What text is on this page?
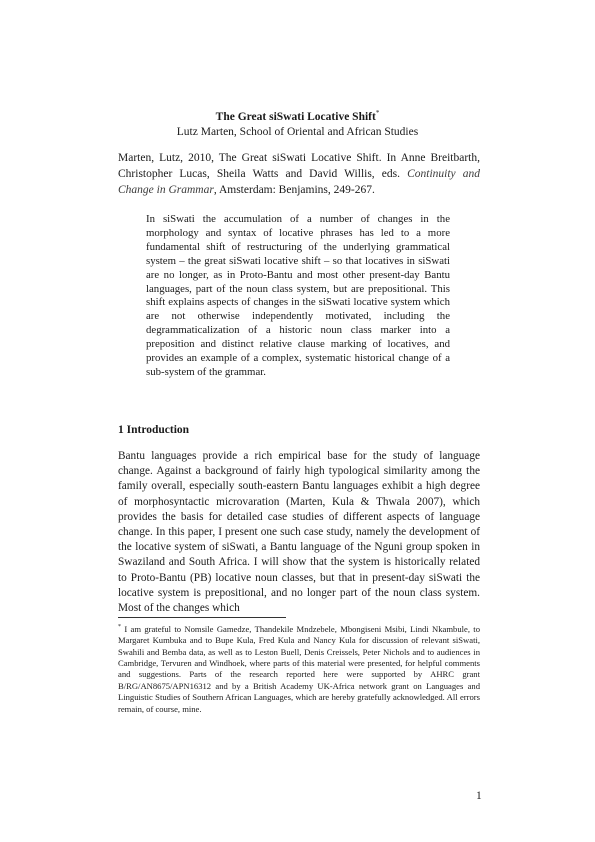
The Great siSwati Locative Shift*
Lutz Marten, School of Oriental and African Studies
Marten, Lutz, 2010, The Great siSwati Locative Shift. In Anne Breitbarth, Christopher Lucas, Sheila Watts and David Willis, eds. Continuity and Change in Grammar, Amsterdam: Benjamins, 249-267.
In siSwati the accumulation of a number of changes in the morphology and syntax of locative phrases has led to a more fundamental shift of restructuring of the underlying grammatical system – the great siSwati locative shift – so that locatives in siSwati are no longer, as in Proto-Bantu and most other present-day Bantu languages, part of the noun class system, but are prepositional. This shift explains aspects of changes in the siSwati locative system which are not otherwise independently motivated, including the degrammaticalization of a historic noun class marker into a preposition and distinct relative clause marking of locatives, and provides an example of a complex, systematic historical change of a sub-system of the grammar.
1 Introduction
Bantu languages provide a rich empirical base for the study of language change. Against a background of fairly high typological similarity among the family overall, especially south-eastern Bantu languages exhibit a high degree of morphosyntactic microvaration (Marten, Kula & Thwala 2007), which provides the basis for detailed case studies of different aspects of language change. In this paper, I present one such case study, namely the development of the locative system of siSwati, a Bantu language of the Nguni group spoken in Swaziland and South Africa. I will show that the system is historically related to Proto-Bantu (PB) locative noun classes, but that in present-day siSwati the locative system is prepositional, and no longer part of the noun class system. Most of the changes which
* I am grateful to Nomsile Gamedze, Thandekile Mndzebele, Mbongiseni Msibi, Lindi Nkambule, to Margaret Kumbuka and to Bupe Kula, Fred Kula and Nancy Kula for discussion of relevant siSwati, Swahili and Bemba data, as well as to Leston Buell, Denis Creissels, Peter Nichols and to audiences in Cambridge, Tervuren and Windhoek, where parts of this material were presented, for helpful comments and suggestions. Parts of the research reported here were supported by AHRC grant B/RG/AN8675/APN16312 and by a British Academy UK-Africa network grant on Languages and Linguistic Studies of Southern African Languages, which are hereby gratefully acknowledged. All errors remain, of course, mine.
1
